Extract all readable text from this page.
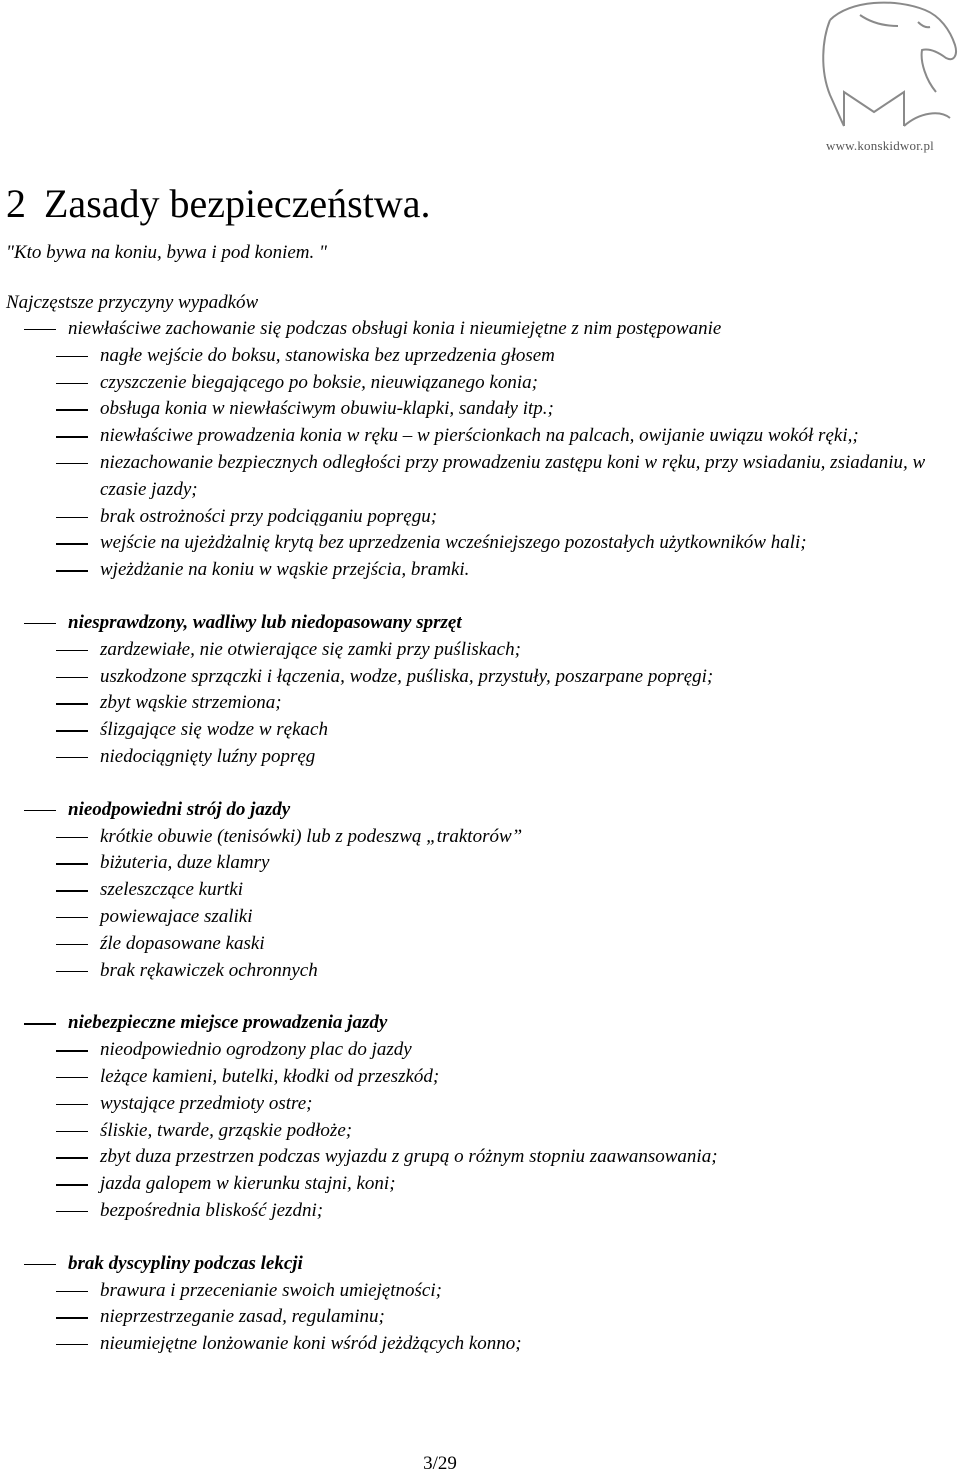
www.konskidwor.pl
2 Zasady bezpieczeństwa.
"Kto bywa na koniu, bywa i pod koniem. "
Najczęstsze przyczyny wypadków
niewłaściwe zachowanie się podczas obsługi konia i nieumiejętne z nim postępowanie
nagłe wejście do boksu, stanowiska bez uprzedzenia głosem
czyszczenie biegającego po boksie, nieuwiązanego konia;
obsługa konia w niewłaściwym obuwiu-klapki, sandały itp.;
niewłaściwe prowadzenia konia w ręku – w pierścionkach na palcach, owijanie uwiązu wokół ręki,;
niezachowanie bezpiecznych odległości przy prowadzeniu zastępu koni w ręku, przy wsiadaniu, zsiadaniu, w czasie jazdy;
brak ostrożności przy podciąganiu popręgu;
wejście na ujeżdżalnię krytą bez uprzedzenia wcześniejszego pozostałych użytkowników hali;
wjeżdżanie na koniu w wąskie przejścia, bramki.
niesprawdzony, wadliwy lub niedopasowany sprzęt
zardzewiałe, nie otwierające się zamki przy puśliskach;
uszkodzone sprzączki i łączenia, wodze, puśliska, przystuły, poszarpane popręgi;
zbyt wąskie strzemiona;
ślizgające się wodze w rękach
niedociągnięty luźny popręg
nieodpowiedni strój do jazdy
krótkie obuwie (tenisówki) lub z podeszwą „traktorów”
biżuteria, duze klamry
szeleszczące kurtki
powiewajace szaliki
źle dopasowane kaski
brak rękawiczek ochronnych
niebezpieczne miejsce prowadzenia jazdy
nieodpowiednio ogrodzony plac do jazdy
leżące kamieni, butelki, kłodki od przeszkód;
wystające przedmioty ostre;
śliskie, twarde, grząskie podłoże;
zbyt duza przestrzen podczas wyjazdu z grupą o różnym stopniu zaawansowania;
jazda galopem w kierunku stajni, koni;
bezpośrednia bliskość jezdni;
brak dyscypliny podczas lekcji
brawura i przecenianie swoich umiejętności;
nieprzestrzeganie zasad, regulaminu;
nieumiejętne lonżowanie koni wśród jeżdżących konno;
3/29
